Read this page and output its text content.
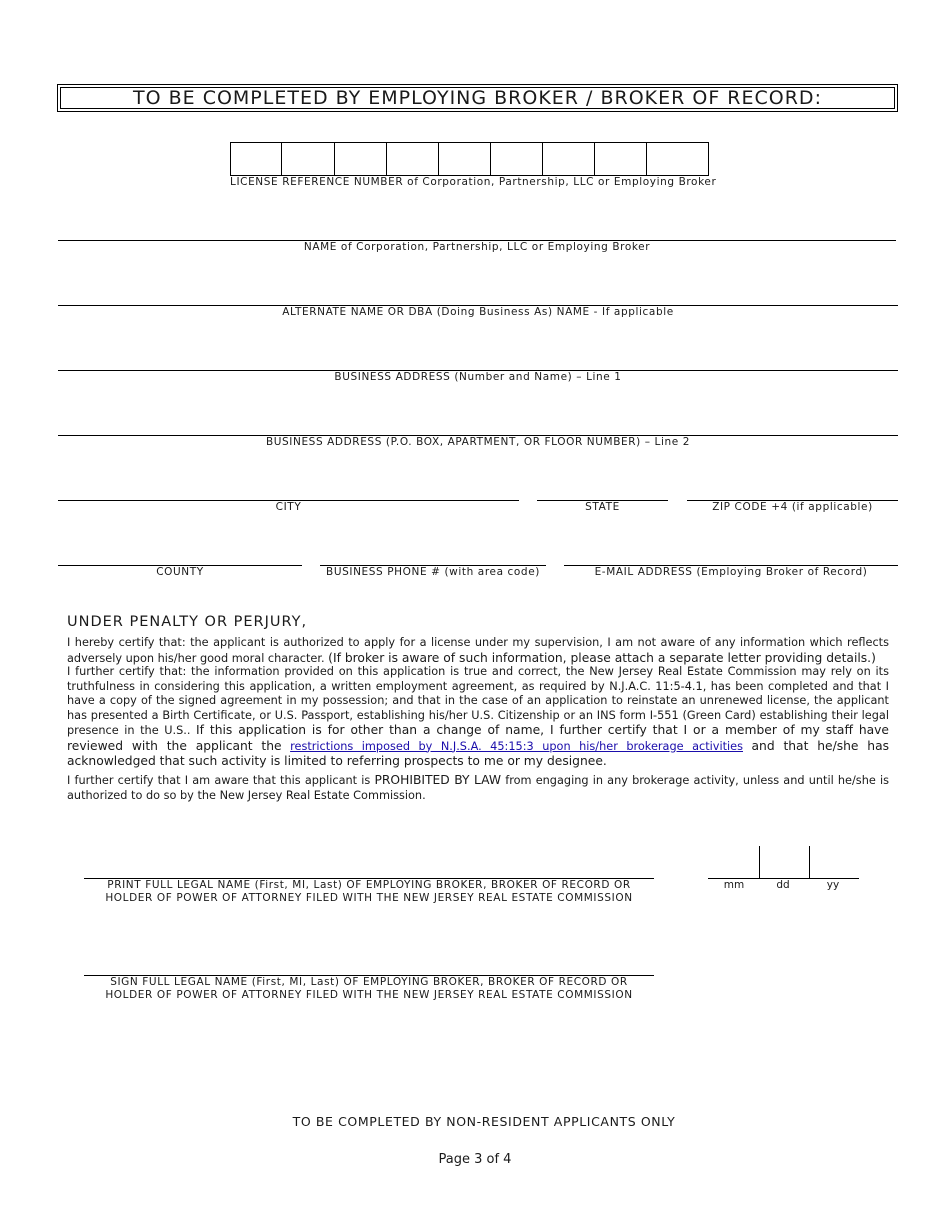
TO BE COMPLETED BY EMPLOYING BROKER / BROKER OF RECORD:
LICENSE REFERENCE NUMBER of Corporation, Partnership, LLC or Employing Broker
NAME of Corporation, Partnership, LLC or Employing Broker
ALTERNATE NAME OR DBA (Doing Business As) NAME - If applicable
BUSINESS ADDRESS (Number and Name) – Line 1
BUSINESS ADDRESS (P.O. BOX, APARTMENT, OR FLOOR NUMBER) – Line 2
CITY	STATE	ZIP CODE +4 (if applicable)
COUNTY	BUSINESS PHONE # (with area code)	E-MAIL ADDRESS (Employing Broker of Record)
UNDER PENALTY OR PERJURY,
I hereby certify that: the applicant is authorized to apply for a license under my supervision, I am not aware of any information which reflects adversely upon his/her good moral character. (If broker is aware of such information, please attach a separate letter providing details.)
I further certify that: the information provided on this application is true and correct, the New Jersey Real Estate Commission may rely on its truthfulness in considering this application, a written employment agreement, as required by N.J.A.C. 11:5-4.1, has been completed and that I have a copy of the signed agreement in my possession; and that in the case of an application to reinstate an unrenewed license, the applicant has presented a Birth Certificate, or U.S. Passport, establishing his/her U.S. Citizenship or an INS form I-551 (Green Card) establishing their legal presence in the U.S.. If this application is for other than a change of name, I further certify that I or a member of my staff have reviewed with the applicant the restrictions imposed by N.J.S.A. 45:15:3 upon his/her brokerage activities and that he/she has acknowledged that such activity is limited to referring prospects to me or my designee.
I further certify that I am aware that this applicant is PROHIBITED BY LAW from engaging in any brokerage activity, unless and until he/she is authorized to do so by the New Jersey Real Estate Commission.
PRINT FULL LEGAL NAME (First, MI, Last) OF EMPLOYING BROKER, BROKER OF RECORD OR
HOLDER OF POWER OF ATTORNEY FILED WITH THE NEW JERSEY REAL ESTATE COMMISSION
mm	dd	yy
SIGN FULL LEGAL NAME (First, MI, Last) OF EMPLOYING BROKER, BROKER OF RECORD OR
HOLDER OF POWER OF ATTORNEY FILED WITH THE NEW JERSEY REAL ESTATE COMMISSION
TO BE COMPLETED BY NON-RESIDENT APPLICANTS ONLY
Page 3 of 4
